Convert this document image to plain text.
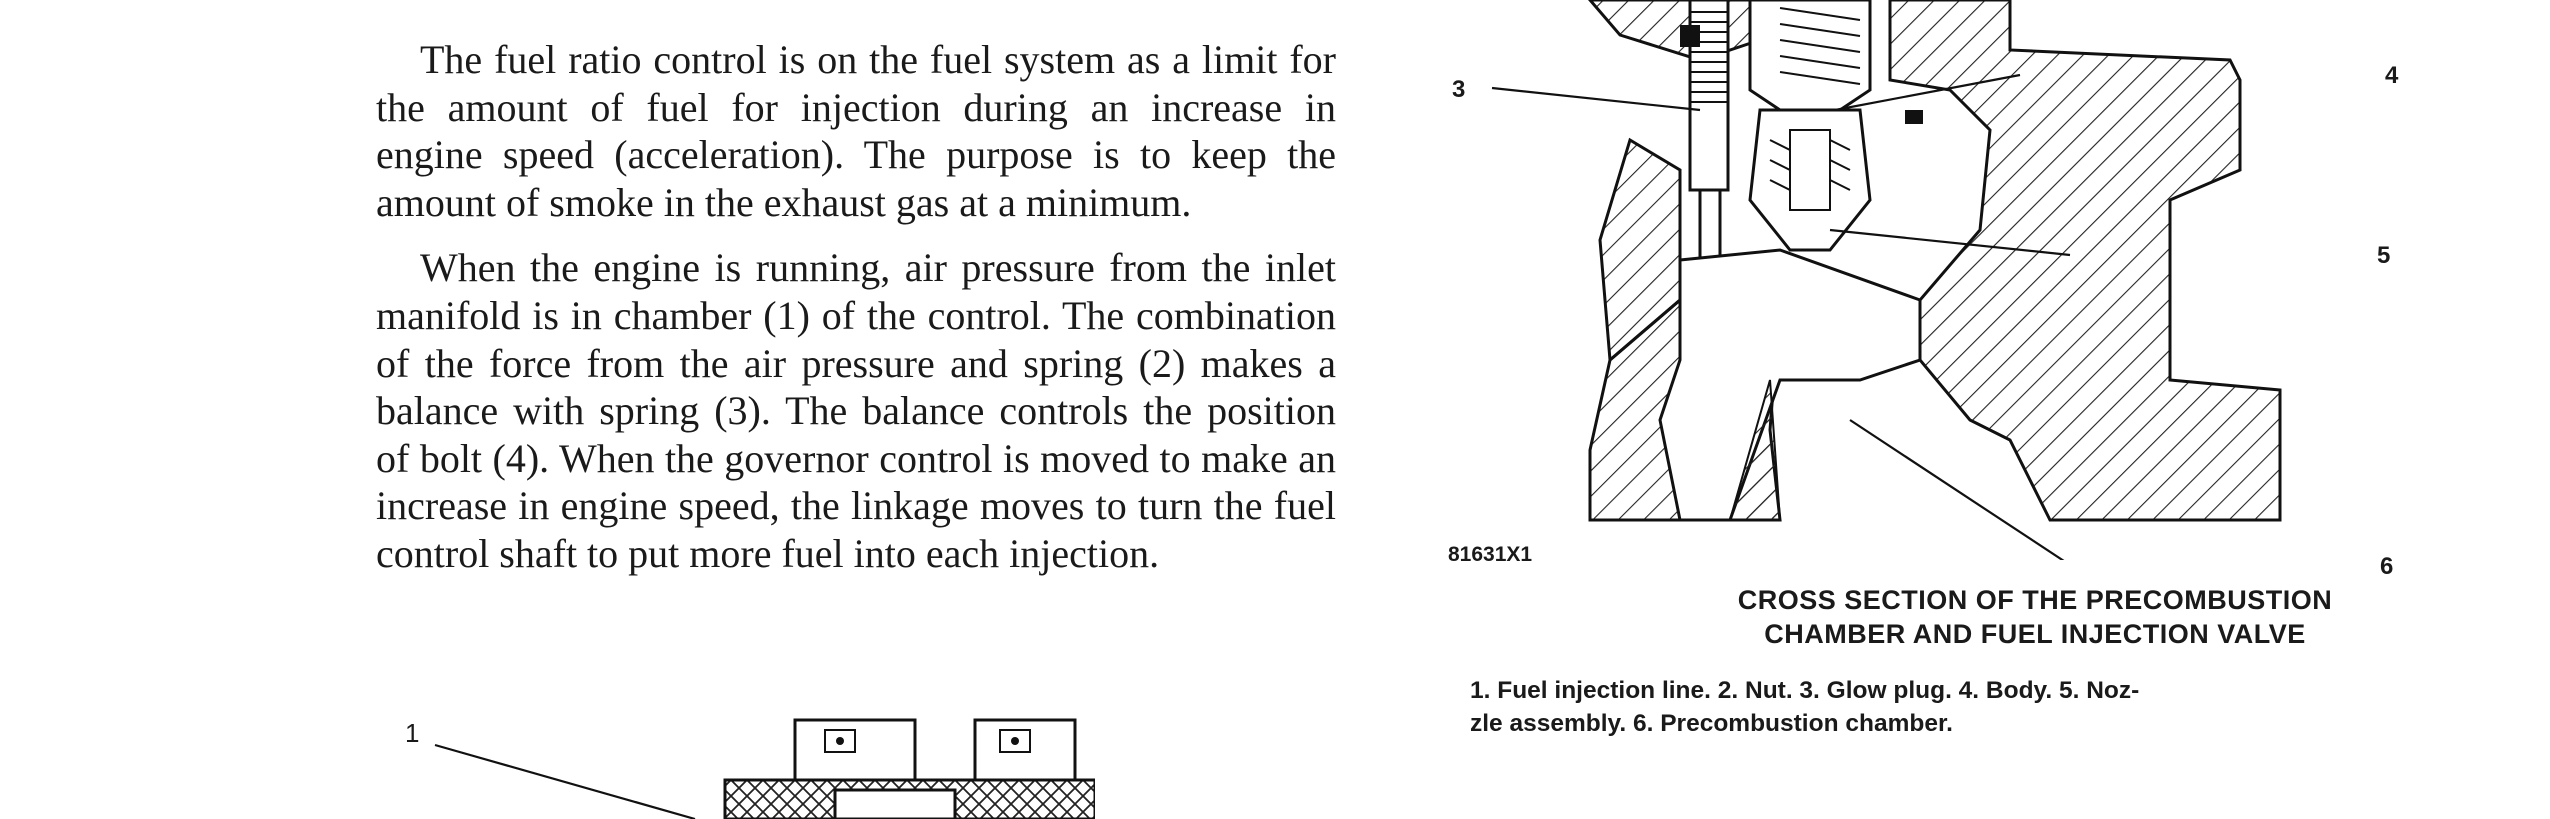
The fuel ratio control is on the fuel system as a limit for the amount of fuel for injection during an increase in engine speed (acceleration). The purpose is to keep the amount of smoke in the exhaust gas at a minimum.

When the engine is running, air pressure from the inlet manifold is in chamber (1) of the control. The combination of the force from the air pressure and spring (2) makes a balance with spring (3). The balance controls the position of bolt (4). When the governor control is moved to make an increase in engine speed, the linkage moves to turn the fuel control shaft to put more fuel into each injection.

3
4
5
6
81631X1
CROSS SECTION OF THE PRECOMBUSTION
CHAMBER AND FUEL INJECTION VALVE
1. Fuel injection line. 2. Nut. 3. Glow plug. 4. Body. 5. Noz-
zle assembly. 6. Precombustion chamber.
1
